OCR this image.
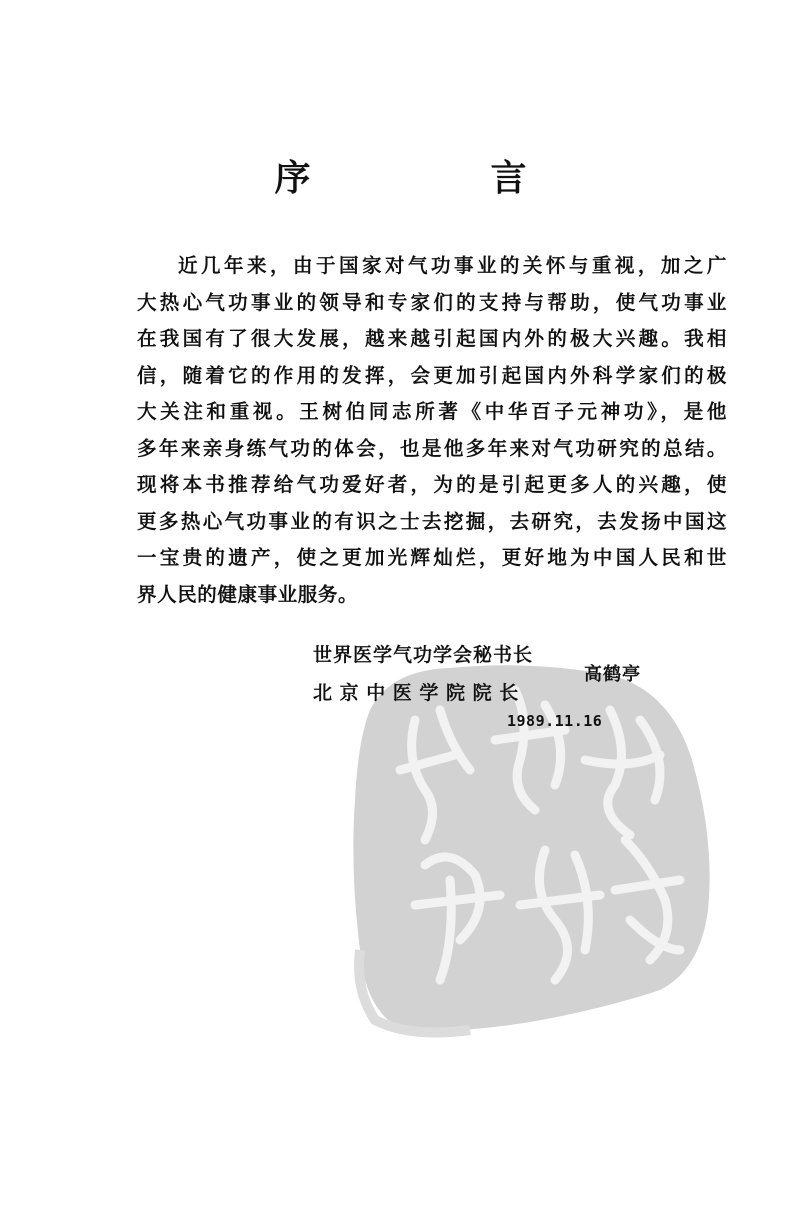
序　言
近几年来，由于国家对气功事业的关怀与重视，加之广
大热心气功事业的领导和专家们的支持与帮助，使气功事业
在我国有了很大发展，越来越引起国内外的极大兴趣。我相
信，随着它的作用的发挥，会更加引起国内外科学家们的极
大关注和重视。王树伯同志所著《中华百子元神功》，是他
多年来亲身练气功的体会，也是他多年来对气功研究的总结。
现将本书推荐给气功爱好者，为的是引起更多人的兴趣，使
更多热心气功事业的有识之士去挖掘，去研究，去发扬中国这
一宝贵的遗产，使之更加光辉灿烂，更好地为中国人民和世
界人民的健康事业服务。
世界医学气功学会秘书长
北京中医学院院长
高鹤亭
1989.11.16
